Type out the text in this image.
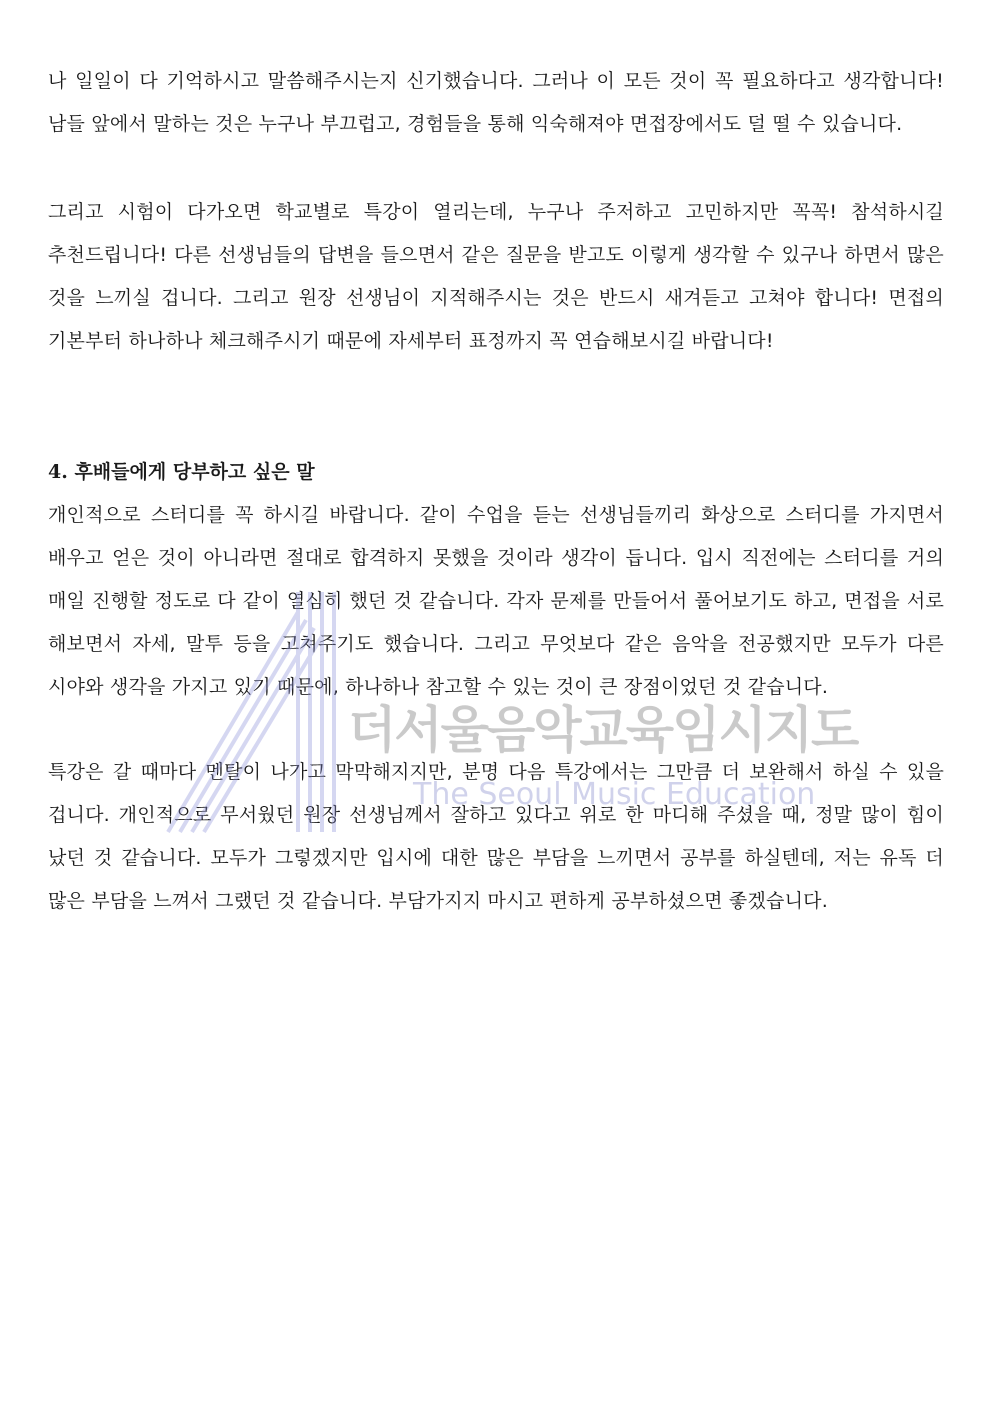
나 일일이 다 기억하시고 말씀해주시는지 신기했습니다. 그러나 이 모든 것이 꼭 필요하다고 생각합니다! 남들 앞에서 말하는 것은 누구나 부끄럽고, 경험들을 통해 익숙해져야 면접장에서도 덜 떨 수 있습니다.

그리고 시험이 다가오면 학교별로 특강이 열리는데, 누구나 주저하고 고민하지만 꼭꼭! 참석하시길 추천드립니다! 다른 선생님들의 답변을 들으면서 같은 질문을 받고도 이렇게 생각할 수 있구나 하면서 많은 것을 느끼실 겁니다. 그리고 원장 선생님이 지적해주시는 것은 반드시 새겨듣고 고쳐야 합니다! 면접의 기본부터 하나하나 체크해주시기 때문에 자세부터 표정까지 꼭 연습해보시길 바랍니다!

4. 후배들에게 당부하고 싶은 말

개인적으로 스터디를 꼭 하시길 바랍니다. 같이 수업을 듣는 선생님들끼리 화상으로 스터디를 가지면서 배우고 얻은 것이 아니라면 절대로 합격하지 못했을 것이라 생각이 듭니다. 입시 직전에는 스터디를 거의 매일 진행할 정도로 다 같이 열심히 했던 것 같습니다. 각자 문제를 만들어서 풀어보기도 하고, 면접을 서로 해보면서 자세, 말투 등을 고쳐주기도 했습니다. 그리고 무엇보다 같은 음악을 전공했지만 모두가 다른 시야와 생각을 가지고 있기 때문에, 하나하나 참고할 수 있는 것이 큰 장점이었던 것 같습니다.

특강은 갈 때마다 멘탈이 나가고 막막해지지만, 분명 다음 특강에서는 그만큼 더 보완해서 하실 수 있을 겁니다. 개인적으로 무서웠던 원장 선생님께서 잘하고 있다고 위로 한 마디해 주셨을 때, 정말 많이 힘이 났던 것 같습니다. 모두가 그렇겠지만 입시에 대한 많은 부담을 느끼면서 공부를 하실텐데, 저는 유독 더 많은 부담을 느껴서 그랬던 것 같습니다. 부담가지지 마시고 편하게 공부하셨으면 좋겠습니다.

더서울음악교육임시지도
The Seoul Music Education
